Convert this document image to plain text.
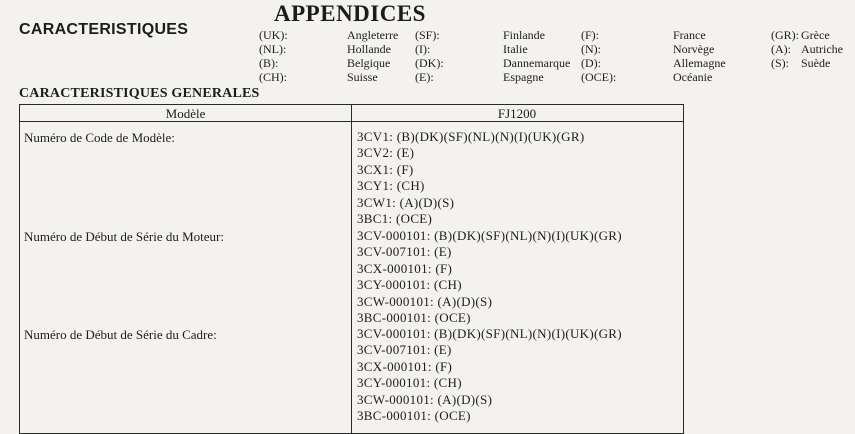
APPENDICES
CARACTERISTIQUES	(UK):	Angleterre	(SF):	Finlande	(F):	France	(GR): Grèce
(NL):	Hollande	(I):	Italie	(N):	Norvège	(A): Autriche
(B):	Belgique	(DK):	Dannemarque (D):	Allemagne	(S):	Suède
(CH):	Suisse	(E):	Espagne	(OCE):	Océanie
CARACTERISTIQUES GENERALES
Modèle	FJ1200
Numéro de Code de Modèle:	3CV1: (B)(DK)(SF)(NL)(N)(I)(UK)(GR)
3CV2: (E)
3CX1: (F)
3CY1: (CH)
3CW1: (A)(D)(S)
3BC1: (OCE)
Numéro de Début de Série du Moteur:	3CV-000101: (B)(DK)(SF)(NL)(N)(I)(UK)(GR)
3CV-007101: (E)
3CX-000101: (F)
3CY-000101: (CH)
3CW-000101: (A)(D)(S)
3BC-000101: (OCE)
Numéro de Début de Série du Cadre:	3CV-000101: (B)(DK)(SF)(NL)(N)(I)(UK)(GR)
3CV-007101: (E)
3CX-000101: (F)
3CY-000101: (CH)
3CW-000101: (A)(D)(S)
3BC-000101: (OCE)
